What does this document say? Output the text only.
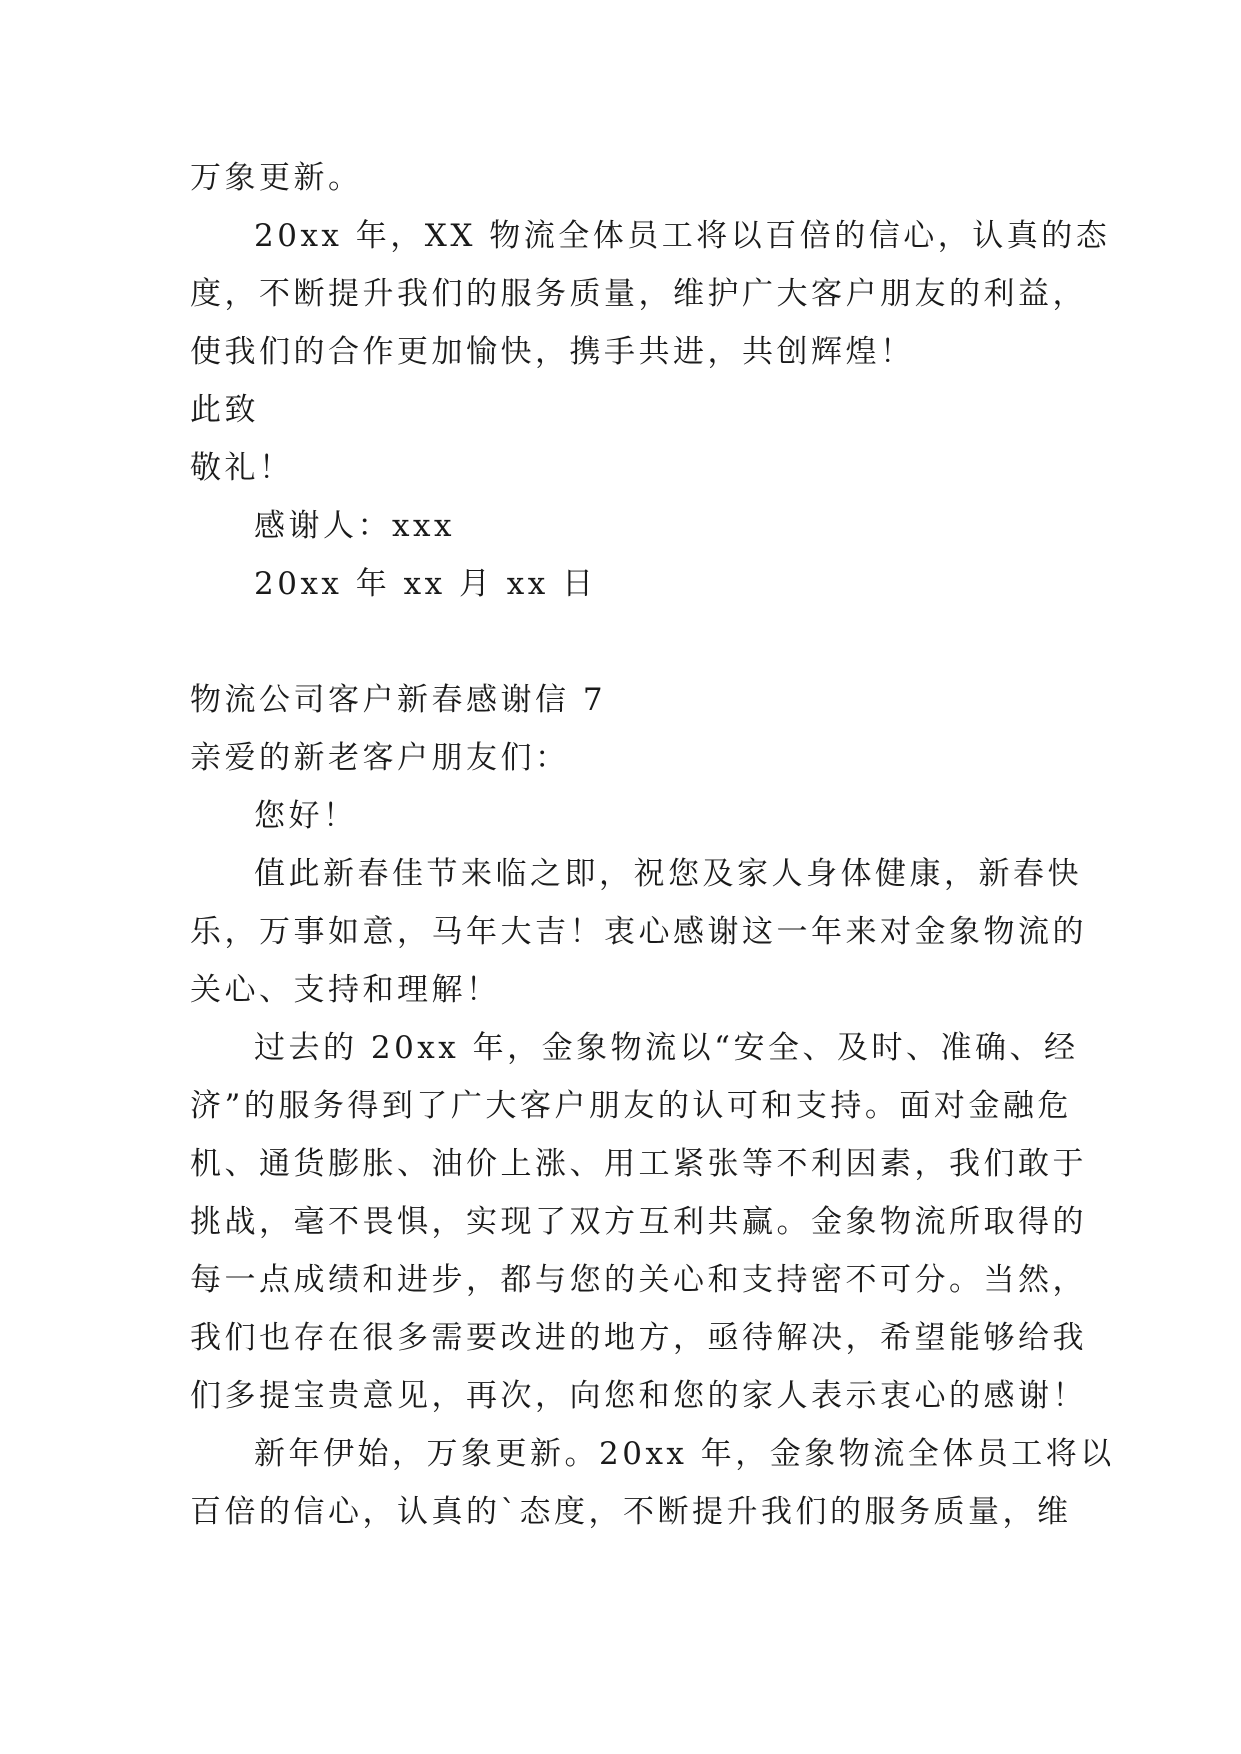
万象更新。
20xx 年，XX 物流全体员工将以百倍的信心，认真的态
度，不断提升我们的服务质量，维护广大客户朋友的利益，
使我们的合作更加愉快，携手共进，共创辉煌！
此致
敬礼！
感谢人：xxx
20xx 年 xx 月 xx 日
物流公司客户新春感谢信 7
亲爱的新老客户朋友们：
您好！
值此新春佳节来临之即，祝您及家人身体健康，新春快
乐，万事如意，马年大吉！衷心感谢这一年来对金象物流的
关心、支持和理解！
过去的 20xx 年，金象物流以“安全、及时、准确、经
济”的服务得到了广大客户朋友的认可和支持。面对金融危
机、通货膨胀、油价上涨、用工紧张等不利因素，我们敢于
挑战，毫不畏惧，实现了双方互利共赢。金象物流所取得的
每一点成绩和进步，都与您的关心和支持密不可分。当然，
我们也存在很多需要改进的地方，亟待解决，希望能够给我
们多提宝贵意见，再次，向您和您的家人表示衷心的感谢！
新年伊始，万象更新。20xx 年，金象物流全体员工将以
百倍的信心，认真的`态度，不断提升我们的服务质量，维
